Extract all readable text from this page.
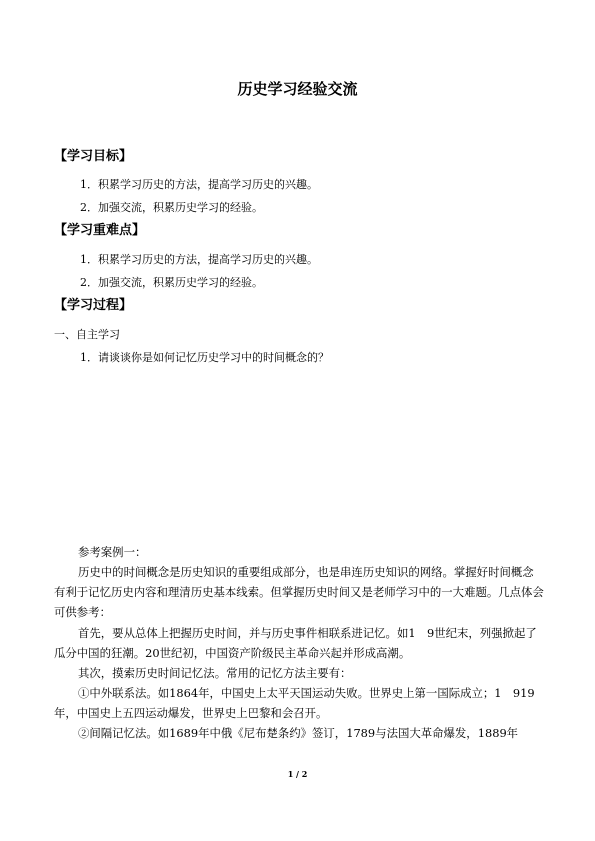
历史学习经验交流
【学习目标】
1．积累学习历史的方法，提高学习历史的兴趣。
2．加强交流，积累历史学习的经验。
【学习重难点】
1．积累学习历史的方法，提高学习历史的兴趣。
2．加强交流，积累历史学习的经验。
【学习过程】
一、自主学习
1．请谈谈你是如何记忆历史学习中的时间概念的？
参考案例一：
历史中的时间概念是历史知识的重要组成部分，也是串连历史知识的网络。掌握好时间概念有利于记忆历史内容和理清历史基本线索。但掌握历史时间又是老师学习中的一大难题。几点体会可供参考：
首先，要从总体上把握历史时间，并与历史事件相联系进记忆。如1　9世纪末，列强掀起了瓜分中国的狂潮。20世纪初，中国资产阶级民主革命兴起并形成高潮。
其次，摸索历史时间记忆法。常用的记忆方法主要有：
①中外联系法。如1864年，中国史上太平天国运动失败。世界史上第一国际成立；1　919年，中国史上五四运动爆发，世界史上巴黎和会召开。
②间隔记忆法。如1689年中俄《尼布楚条约》签订，1789与法国大革命爆发，1889年
1 / 2
